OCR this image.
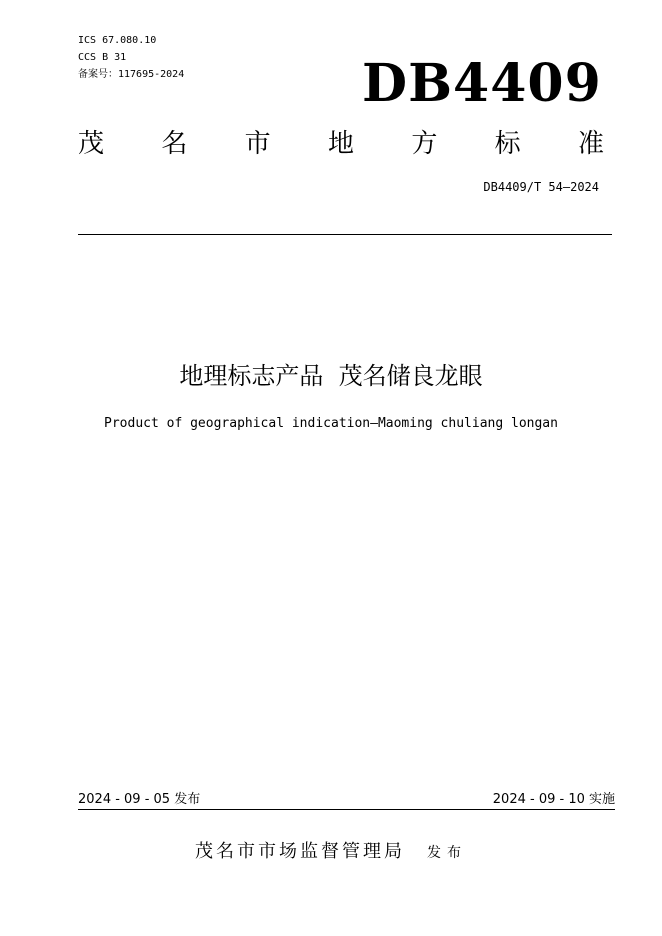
ICS 67.080.10
CCS B 31
备案号：117695-2024	DB4409
茂 名 市 地 方 标 准
DB4409/T 54—2024
地理标志产品  茂名储良龙眼
Product of geographical indication—Maoming chuliang longan
2024 - 09 - 05 发布	2024 - 09 - 10 实施
茂名市市场监督管理局 发布
